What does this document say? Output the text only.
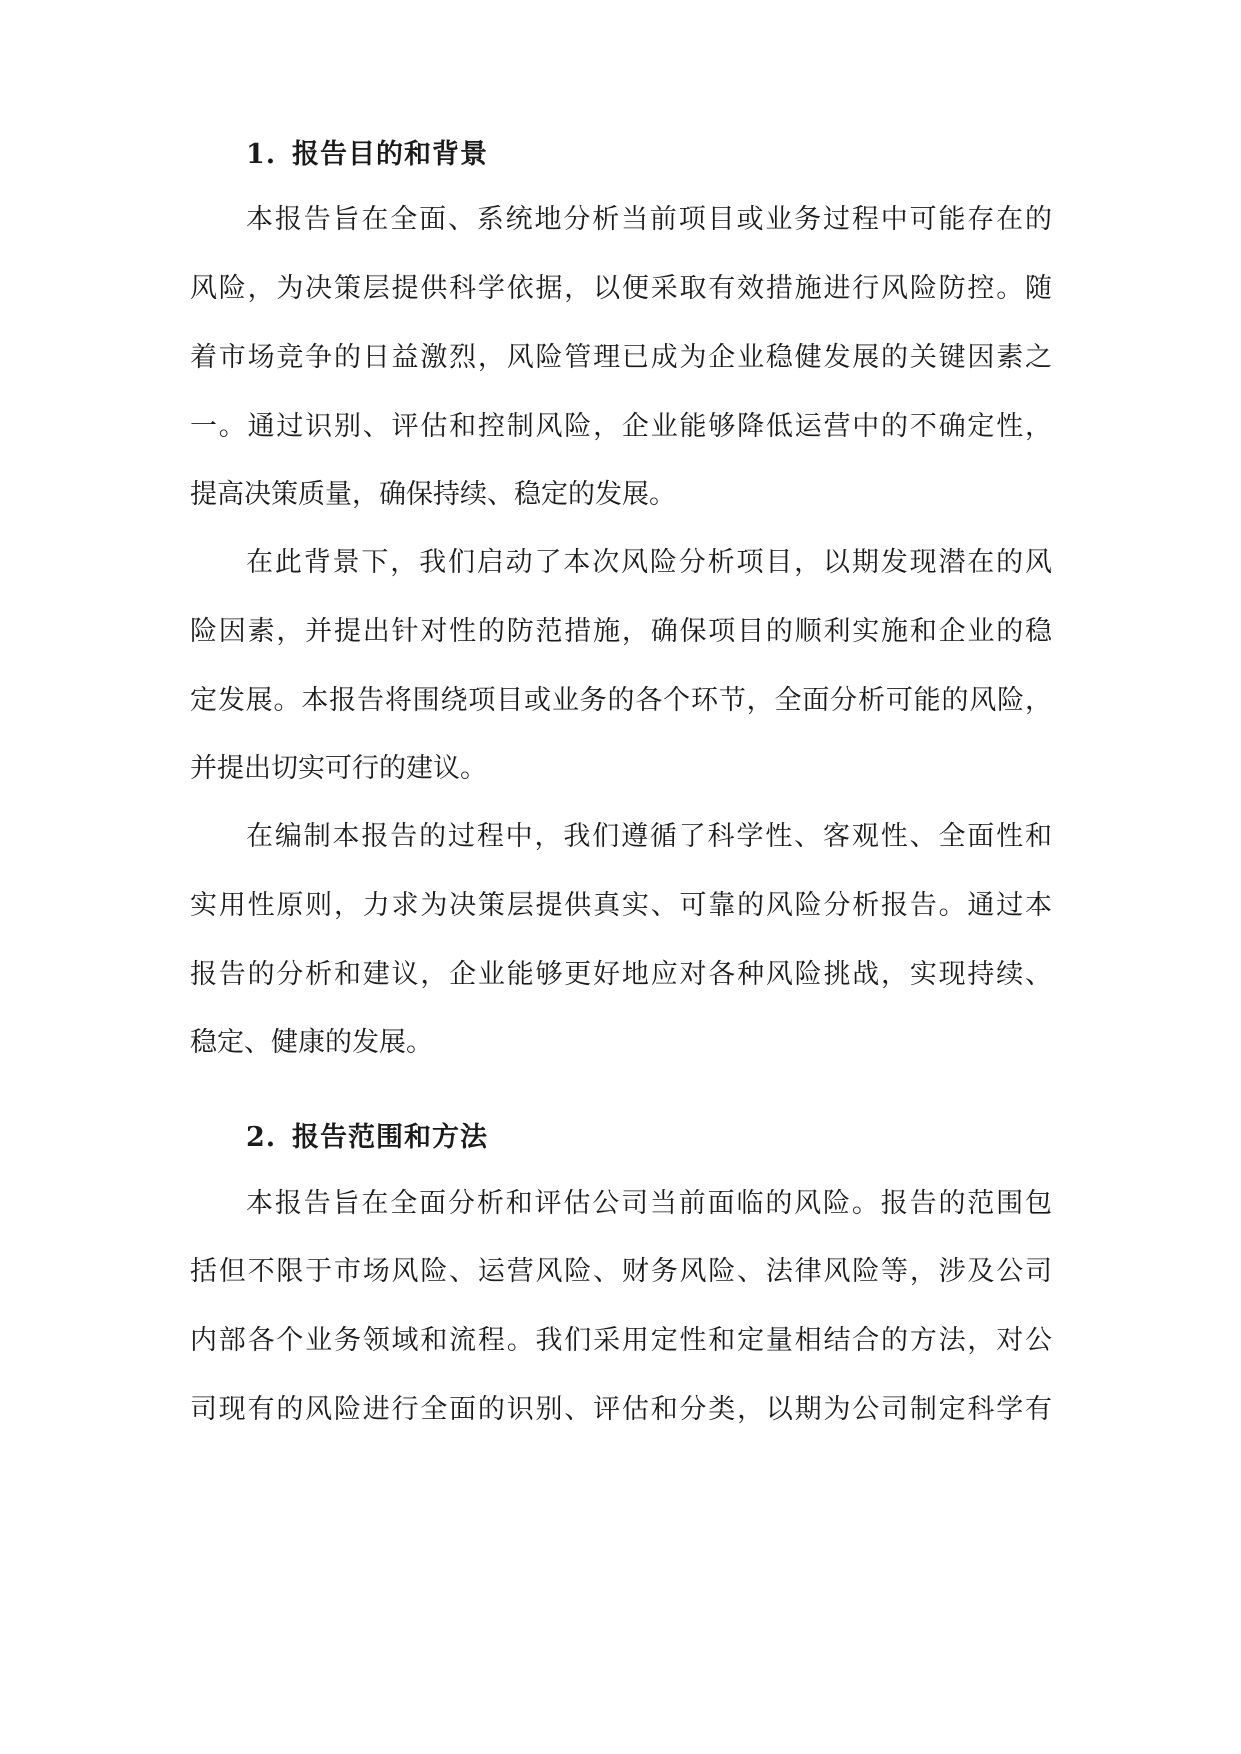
1. 报告目的和背景
本报告旨在全面、系统地分析当前项目或业务过程中可能存在的
风险，为决策层提供科学依据，以便采取有效措施进行风险防控。随
着市场竞争的日益激烈，风险管理已成为企业稳健发展的关键因素之
一。通过识别、评估和控制风险，企业能够降低运营中的不确定性，
提高决策质量，确保持续、稳定的发展。
在此背景下，我们启动了本次风险分析项目，以期发现潜在的风
险因素，并提出针对性的防范措施，确保项目的顺利实施和企业的稳
定发展。本报告将围绕项目或业务的各个环节，全面分析可能的风险，
并提出切实可行的建议。
在编制本报告的过程中，我们遵循了科学性、客观性、全面性和
实用性原则，力求为决策层提供真实、可靠的风险分析报告。通过本
报告的分析和建议，企业能够更好地应对各种风险挑战，实现持续、
稳定、健康的发展。
2. 报告范围和方法
本报告旨在全面分析和评估公司当前面临的风险。报告的范围包
括但不限于市场风险、运营风险、财务风险、法律风险等，涉及公司
内部各个业务领域和流程。我们采用定性和定量相结合的方法，对公
司现有的风险进行全面的识别、评估和分类，以期为公司制定科学有
